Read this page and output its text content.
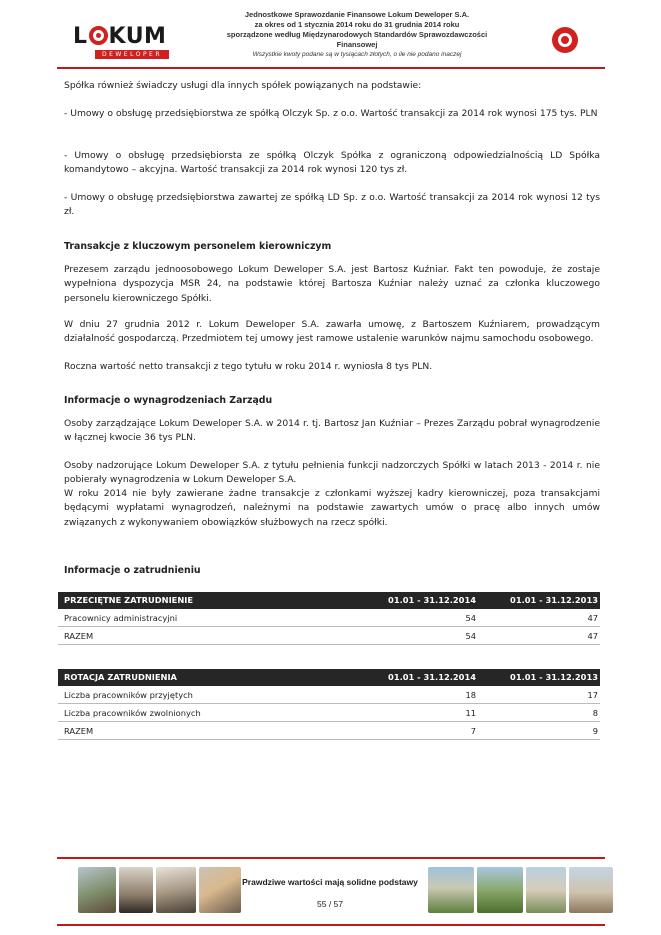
L KUM
DEWELOPER
Jednostkowe Sprawozdanie Finansowe Lokum Deweloper S.A.
za okres od 1 stycznia 2014 roku do 31 grudnia 2014 roku
sporządzone według Międzynarodowych Standardów Sprawozdawczości Finansowej
Wszystkie kwoty podane są w tysiącach złotych, o ile nie podano inaczej
Spółka również świadczy usługi dla innych spółek powiązanych na podstawie:
- Umowy o obsługę przedsiębiorstwa ze spółką Olczyk Sp. z o.o. Wartość transakcji za 2014 rok wynosi 175 tys. PLN
- Umowy o obsługę przedsiębiorsta ze spółką Olczyk Spółka z ograniczoną odpowiedzialnością LD Spółka komandytowo – akcyjna. Wartość transakcji za 2014 rok wynosi 120 tys zł.
- Umowy o obsługę przedsiębiorstwa zawartej ze spółką LD Sp. z o.o. Wartość transakcji za 2014 rok wynosi 12 tys zł.
Transakcje z kluczowym personelem kierowniczym
Prezesem zarządu jednoosobowego Lokum Deweloper S.A. jest Bartosz Kuźniar. Fakt ten powoduje, że zostaje wypełniona dyspozycja MSR 24, na podstawie której Bartosza Kuźniar należy uznać za członka kluczowego personelu kierowniczego Spółki.
W dniu 27 grudnia 2012 r. Lokum Deweloper S.A. zawarła umowę, z Bartoszem Kuźniarem, prowadzącym działalność gospodarczą. Przedmiotem tej umowy jest ramowe ustalenie warunków najmu samochodu osobowego.
Roczna wartość netto transakcji z tego tytułu w roku 2014 r. wyniosła 8 tys PLN.
Informacje o wynagrodzeniach Zarządu
Osoby zarządzające Lokum Deweloper S.A. w 2014 r. tj. Bartosz Jan Kuźniar – Prezes Zarządu pobrał wynagrodzenie w łącznej kwocie 36 tys PLN.
Osoby nadzorujące Lokum Deweloper S.A. z tytułu pełnienia funkcji nadzorczych Spółki w latach 2013 - 2014 r. nie pobierały wynagrodzenia w Lokum Deweloper S.A.
W roku 2014 nie były zawierane żadne transakcje z członkami wyższej kadry kierowniczej, poza transakcjami będącymi wypłatami wynagrodzeń, należnymi na podstawie zawartych umów o pracę albo innych umów związanych z wykonywaniem obowiązków służbowych na rzecz spółki.
Informacje o zatrudnieniu
PRZECIĘTNE ZATRUDNIENIE	01.01 - 31.12.2014	01.01 - 31.12.2013
Pracownicy administracyjni	54	47
RAZEM	54	47
ROTACJA ZATRUDNIENIA	01.01 - 31.12.2014	01.01 - 31.12.2013
Liczba pracowników przyjętych	18	17
Liczba pracowników zwolnionych	11	8
RAZEM	7	9
Prawdziwe wartości mają solidne podstawy
55 / 57
